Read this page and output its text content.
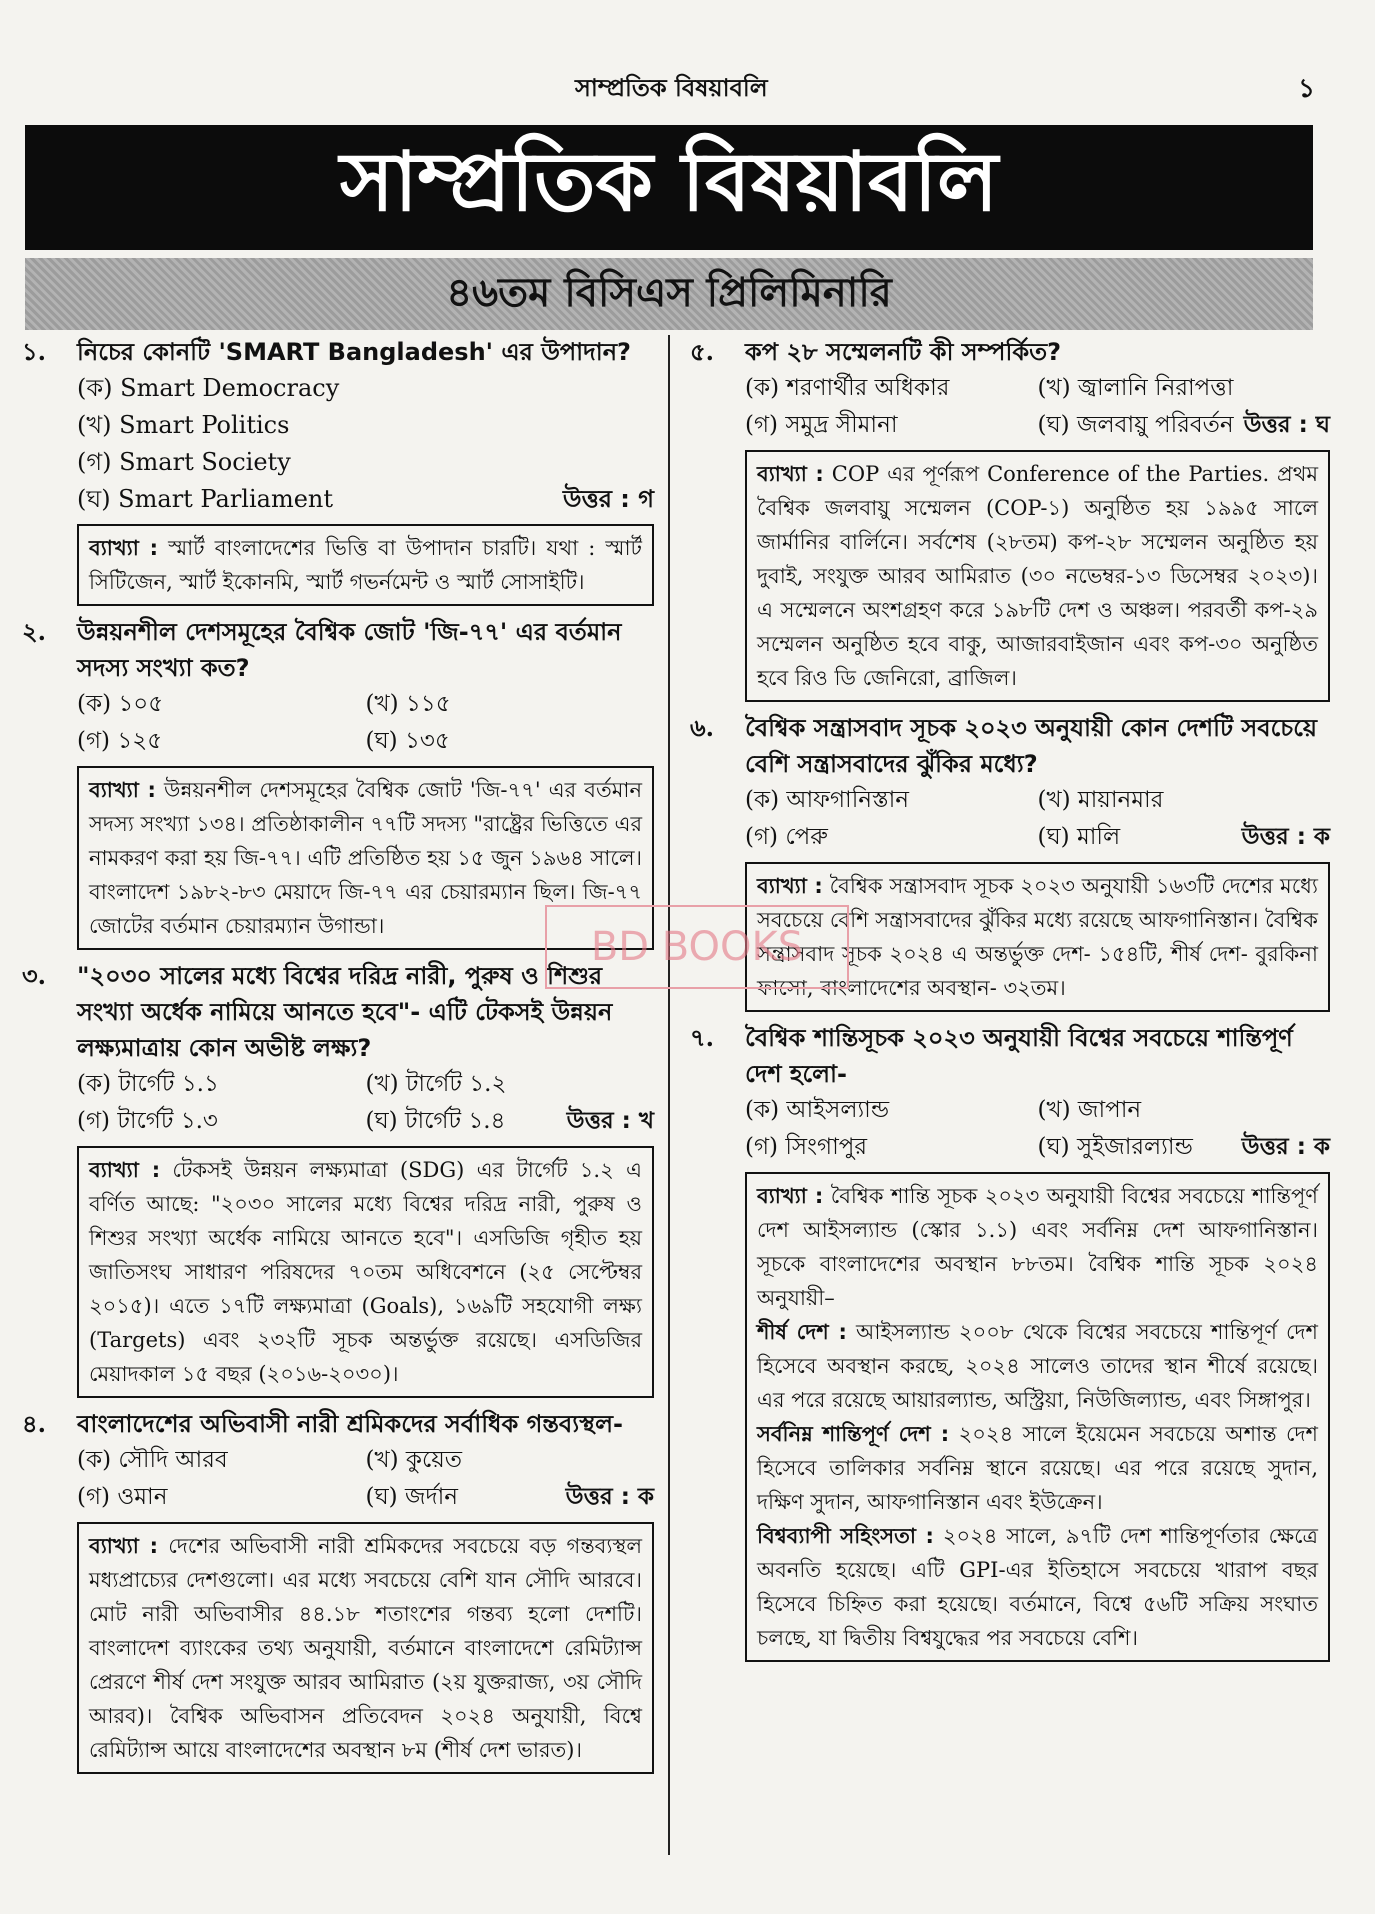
সাম্প্রতিক বিষয়াবলি	১
সাম্প্রতিক বিষয়াবলি
৪৬তম বিসিএস প্রিলিমিনারি
১.	নিচের কোনটি 'SMART Bangladesh' এর উপাদান?
(ক) Smart Democracy
(খ) Smart Politics
(গ) Smart Society
(ঘ) Smart Parliament	উত্তর : গ
ব্যাখ্যা : স্মার্ট বাংলাদেশের ভিত্তি বা উপাদান চারটি। যথা : স্মার্ট সিটিজেন, স্মার্ট ইকোনমি, স্মার্ট গভর্নমেন্ট ও স্মার্ট সোসাইটি।
২.	উন্নয়নশীল দেশসমূহের বৈশ্বিক জোট 'জি-৭৭' এর বর্তমান সদস্য সংখ্যা কত?
(ক) ১০৫	(খ) ১১৫
(গ) ১২৫	(ঘ) ১৩৫
ব্যাখ্যা : উন্নয়নশীল দেশসমূহের বৈশ্বিক জোট 'জি-৭৭' এর বর্তমান সদস্য সংখ্যা ১৩৪। প্রতিষ্ঠাকালীন ৭৭টি সদস্য "রাষ্ট্রের ভিত্তিতে এর নামকরণ করা হয় জি-৭৭। এটি প্রতিষ্ঠিত হয় ১৫ জুন ১৯৬৪ সালে। বাংলাদেশ ১৯৮২-৮৩ মেয়াদে জি-৭৭ এর চেয়ারম্যান ছিল। জি-৭৭ জোটের বর্তমান চেয়ারম্যান উগান্ডা।
৩.	"২০৩০ সালের মধ্যে বিশ্বের দরিদ্র নারী, পুরুষ ও শিশুর সংখ্যা অর্ধেক নামিয়ে আনতে হবে"- এটি টেকসই উন্নয়ন লক্ষ্যমাত্রায় কোন অভীষ্ট লক্ষ্য?
(ক) টার্গেট ১.১	(খ) টার্গেট ১.২
(গ) টার্গেট ১.৩	(ঘ) টার্গেট ১.৪	উত্তর : খ
ব্যাখ্যা : টেকসই উন্নয়ন লক্ষ্যমাত্রা (SDG) এর টার্গেট ১.২ এ বর্ণিত আছে: "২০৩০ সালের মধ্যে বিশ্বের দরিদ্র নারী, পুরুষ ও শিশুর সংখ্যা অর্ধেক নামিয়ে আনতে হবে"। এসডিজি গৃহীত হয় জাতিসংঘ সাধারণ পরিষদের ৭০তম অধিবেশনে (২৫ সেপ্টেম্বর ২০১৫)। এতে ১৭টি লক্ষ্যমাত্রা (Goals), ১৬৯টি সহযোগী লক্ষ্য (Targets) এবং ২৩২টি সূচক অন্তর্ভুক্ত রয়েছে। এসডিজির মেয়াদকাল ১৫ বছর (২০১৬-২০৩০)।
৪.	বাংলাদেশের অভিবাসী নারী শ্রমিকদের সর্বাধিক গন্তব্যস্থল-
(ক) সৌদি আরব	(খ) কুয়েত
(গ) ওমান	(ঘ) জর্দান	উত্তর : ক
ব্যাখ্যা : দেশের অভিবাসী নারী শ্রমিকদের সবচেয়ে বড় গন্তব্যস্থল মধ্যপ্রাচ্যের দেশগুলো। এর মধ্যে সবচেয়ে বেশি যান সৌদি আরবে। মোট নারী অভিবাসীর ৪৪.১৮ শতাংশের গন্তব্য হলো দেশটি। বাংলাদেশ ব্যাংকের তথ্য অনুযায়ী, বর্তমানে বাংলাদেশে রেমিট্যান্স প্রেরণে শীর্ষ দেশ সংযুক্ত আরব আমিরাত (২য় যুক্তরাজ্য, ৩য় সৌদি আরব)। বৈশ্বিক অভিবাসন প্রতিবেদন ২০২৪ অনুযায়ী, বিশ্বে রেমিট্যান্স আয়ে বাংলাদেশের অবস্থান ৮ম (শীর্ষ দেশ ভারত)।
৫.	কপ ২৮ সম্মেলনটি কী সম্পর্কিত?
(ক) শরণার্থীর অধিকার	(খ) জ্বালানি নিরাপত্তা
(গ) সমুদ্র সীমানা	(ঘ) জলবায়ু পরিবর্তন উত্তর : ঘ
ব্যাখ্যা : COP এর পূর্ণরূপ Conference of the Parties. প্রথম বৈশ্বিক জলবায়ু সম্মেলন (COP-১) অনুষ্ঠিত হয় ১৯৯৫ সালে জার্মানির বার্লিনে। সর্বশেষ (২৮তম) কপ-২৮ সম্মেলন অনুষ্ঠিত হয় দুবাই, সংযুক্ত আরব আমিরাত (৩০ নভেম্বর-১৩ ডিসেম্বর ২০২৩)। এ সম্মেলনে অংশগ্রহণ করে ১৯৮টি দেশ ও অঞ্চল। পরবর্তী কপ-২৯ সম্মেলন অনুষ্ঠিত হবে বাকু, আজারবাইজান এবং কপ-৩০ অনুষ্ঠিত হবে রিও ডি জেনিরো, ব্রাজিল।
৬.	বৈশ্বিক সন্ত্রাসবাদ সূচক ২০২৩ অনুযায়ী কোন দেশটি সবচেয়ে বেশি সন্ত্রাসবাদের ঝুঁকির মধ্যে?
(ক) আফগানিস্তান	(খ) মায়ানমার
(গ) পেরু	(ঘ) মালি	উত্তর : ক
ব্যাখ্যা : বৈশ্বিক সন্ত্রাসবাদ সূচক ২০২৩ অনুযায়ী ১৬৩টি দেশের মধ্যে সবচেয়ে বেশি সন্ত্রাসবাদের ঝুঁকির মধ্যে রয়েছে আফগানিস্তান। বৈশ্বিক সন্ত্রাসবাদ সূচক ২০২৪ এ অন্তর্ভুক্ত দেশ- ১৫৪টি, শীর্ষ দেশ- বুরকিনা ফাসো, বাংলাদেশের অবস্থান- ৩২তম।
৭.	বৈশ্বিক শান্তিসূচক ২০২৩ অনুযায়ী বিশ্বের সবচেয়ে শান্তিপূর্ণ দেশ হলো-
(ক) আইসল্যান্ড	(খ) জাপান
(গ) সিংগাপুর	(ঘ) সুইজারল্যান্ড উত্তর : ক
ব্যাখ্যা : বৈশ্বিক শান্তি সূচক ২০২৩ অনুযায়ী বিশ্বের সবচেয়ে শান্তিপূর্ণ দেশ আইসল্যান্ড (স্কোর ১.১) এবং সর্বনিম্ন দেশ আফগানিস্তান। সূচকে বাংলাদেশের অবস্থান ৮৮তম। বৈশ্বিক শান্তি সূচক ২০২৪ অনুযায়ী–
শীর্ষ দেশ : আইসল্যান্ড ২০০৮ থেকে বিশ্বের সবচেয়ে শান্তিপূর্ণ দেশ হিসেবে অবস্থান করছে, ২০২৪ সালেও তাদের স্থান শীর্ষে রয়েছে। এর পরে রয়েছে আয়ারল্যান্ড, অস্ট্রিয়া, নিউজিল্যান্ড, এবং সিঙ্গাপুর।
সর্বনিম্ন শান্তিপূর্ণ দেশ : ২০২৪ সালে ইয়েমেন সবচেয়ে অশান্ত দেশ হিসেবে তালিকার সর্বনিম্ন স্থানে রয়েছে। এর পরে রয়েছে সুদান, দক্ষিণ সুদান, আফগানিস্তান এবং ইউক্রেন।
বিশ্বব্যাপী সহিংসতা : ২০২৪ সালে, ৯৭টি দেশ শান্তিপূর্ণতার ক্ষেত্রে অবনতি হয়েছে। এটি GPI-এর ইতিহাসে সবচেয়ে খারাপ বছর হিসেবে চিহ্নিত করা হয়েছে। বর্তমানে, বিশ্বে ৫৬টি সক্রিয় সংঘাত চলছে, যা দ্বিতীয় বিশ্বযুদ্ধের পর সবচেয়ে বেশি।
BD BOOKS
